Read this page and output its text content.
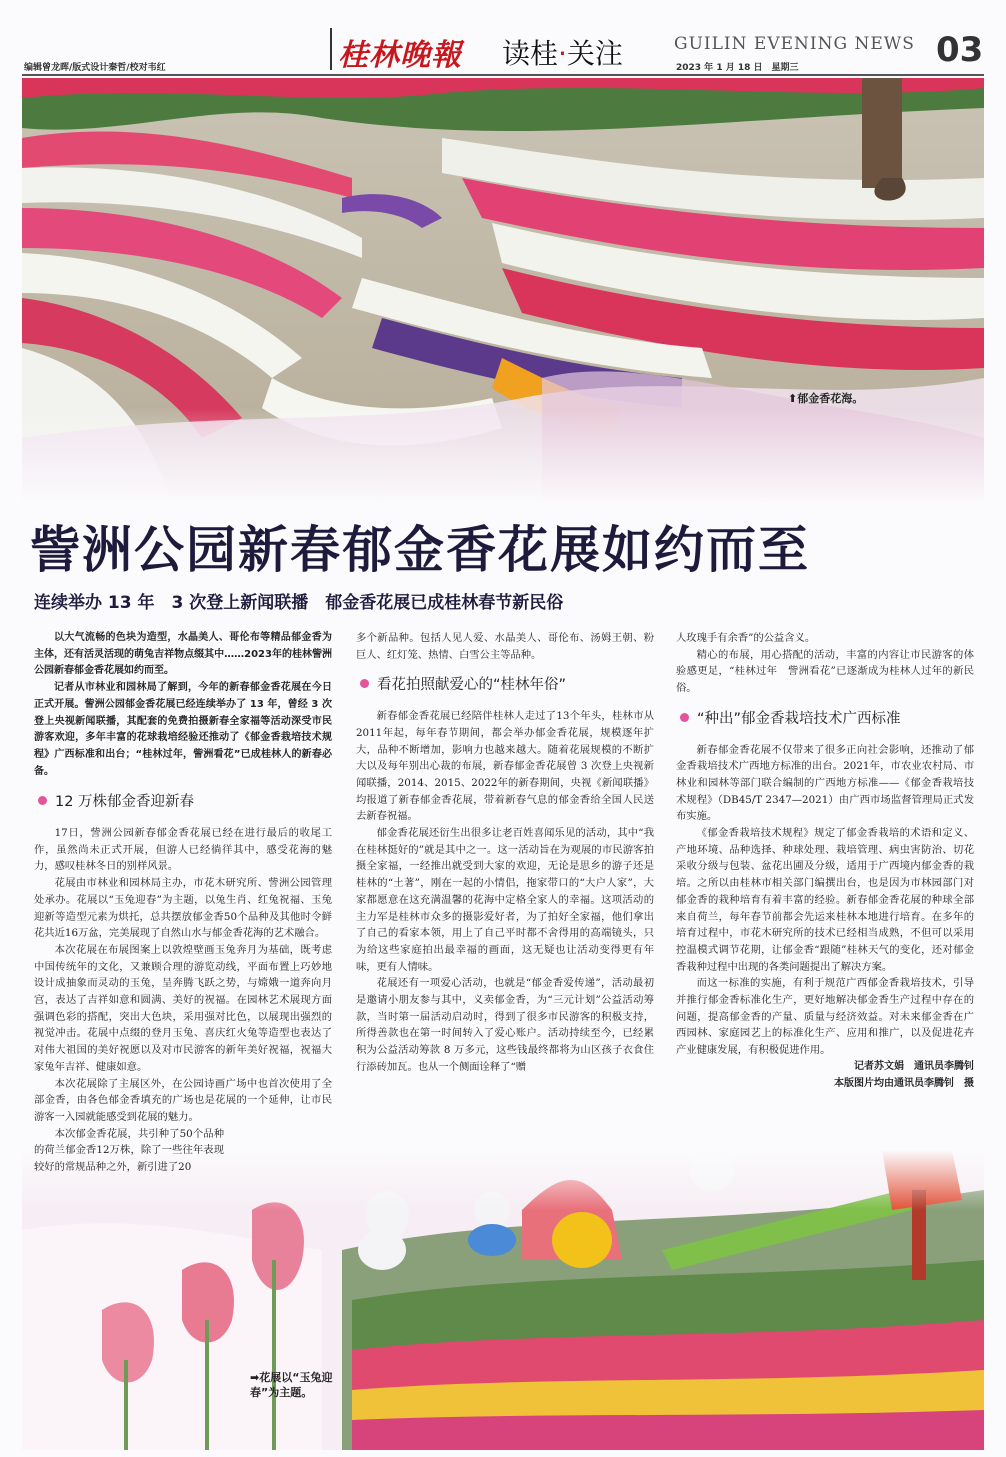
编辑曾龙晖/版式设计秦哲/校对韦红	桂林晚報 读桂·关注	GUILIN EVENING NEWS
2023 年 1 月 18 日　星期三	03
⬆郁金香花海。
訾洲公园新春郁金香花展如约而至
连续举办 13 年　3 次登上新闻联播　郁金香花展已成桂林春节新民俗
➡花展以“玉兔迎春”为主题。

以大气流畅的色块为造型，水晶美人、哥伦布等精品郁金香为主体，还有活灵活现的萌兔吉祥物点缀其中……2023年的桂林訾洲公园新春郁金香花展如约而至。

记者从市林业和园林局了解到，今年的新春郁金香花展在今日正式开展。訾洲公园郁金香花展已经连续举办了 13 年，曾经 3 次登上央视新闻联播，其配套的免费拍摄新春全家福等活动深受市民游客欢迎，多年丰富的花球栽培经验还推动了《郁金香栽培技术规程》广西标准和出台；“桂林过年，訾洲看花”已成桂林人的新春必备。

12 万株郁金香迎新春

17日，訾洲公园新春郁金香花展已经在进行最后的收尾工作，虽然尚未正式开展，但游人已经徜徉其中，感受花海的魅力，感叹桂林冬日的别样风景。

花展由市林业和园林局主办，市花木研究所、訾洲公园管理处承办。花展以“玉兔迎春”为主题，以兔生肖、红兔祝福、玉兔迎新等造型元素为烘托，总共摆放郁金香50个品种及其他时令鲜花共近16万盆，完美展现了自然山水与郁金香花海的艺术融合。

本次花展在布展图案上以敦煌壁画玉兔奔月为基础，既考虑中国传统年的文化，又兼顾合理的游览动线，平面布置上巧妙地设计成抽象而灵动的玉兔，呈奔腾飞跃之势，与嫦娥一道奔向月宫，表达了吉祥如意和圆满、美好的祝福。在园林艺术展现方面强调色彩的搭配，突出大色块，采用强对比色，以展现出强烈的视觉冲击。花展中点缀的登月玉兔、喜庆红火兔等造型也表达了对伟大祖国的美好祝愿以及对市民游客的新年美好祝福，祝福大家兔年吉祥、健康如意。

本次花展除了主展区外，在公园诗画广场中也首次使用了全部金香，由各色郁金香填充的广场也是花展的一个延伸，让市民游客一入园就能感受到花展的魅力。

本次郁金香花展，共引种了50个品种的荷兰郁金香12万株，除了一些往年表现较好的常规品种之外，新引进了20

多个新品种。包括人见人爱、水晶美人、哥伦布、汤姆王朝、粉巨人、红灯笼、热情、白雪公主等品种。

看花拍照献爱心的“桂林年俗”

新春郁金香花展已经陪伴桂林人走过了13个年头，桂林市从2011年起，每年春节期间，都会举办郁金香花展，规模逐年扩大，品种不断增加，影响力也越来越大。随着花展规模的不断扩大以及每年别出心裁的布展，新春郁金香花展曾 3 次登上央视新闻联播，2014、2015、2022年的新春期间，央视《新闻联播》均报道了新春郁金香花展，带着新春气息的郁金香给全国人民送去新春祝福。

郁金香花展还衍生出很多让老百姓喜闻乐见的活动，其中“我在桂林挺好的”就是其中之一。这一活动旨在为观展的市民游客拍摄全家福，一经推出就受到大家的欢迎，无论是思乡的游子还是桂林的“土著”，刚在一起的小情侣，拖家带口的“大户人家”，大家都愿意在这充满温馨的花海中定格全家人的幸福。这项活动的主力军是桂林市众多的摄影爱好者，为了拍好全家福，他们拿出了自己的看家本领，用上了自己平时都不舍得用的高端镜头，只为给这些家庭拍出最幸福的画面，这无疑也让活动变得更有年味，更有人情味。

花展还有一项爱心活动，也就是“郁金香爱传递”，活动最初是邀请小朋友参与其中，义卖郁金香，为“三元计划”公益活动筹款，当时第一届活动启动时，得到了很多市民游客的积极支持，所得善款也在第一时间转入了爱心账户。活动持续至今，已经累积为公益活动筹款 8 万多元，这些钱最终都将为山区孩子衣食住行添砖加瓦。也从一个侧面诠释了“赠

人玫瑰手有余香”的公益含义。

精心的布展，用心搭配的活动，丰富的内容让市民游客的体验感更足，“桂林过年　訾洲看花”已逐渐成为桂林人过年的新民俗。

“种出”郁金香栽培技术广西标准

新春郁金香花展不仅带来了很多正向社会影响，还推动了郁金香栽培技术广西地方标准的出台。2021年，市农业农村局、市林业和园林等部门联合编制的广西地方标准——《郁金香栽培技术规程》（DB45/T 2347—2021）由广西市场监督管理局正式发布实施。

《郁金香栽培技术规程》规定了郁金香栽培的术语和定义、产地环境、品种选择、种球处理、栽培管理、病虫害防治、切花采收分级与包装、盆花出圃及分级，适用于广西境内郁金香的栽培。之所以由桂林市相关部门编撰出台，也是因为市林园部门对郁金香的栽种培育有着丰富的经验。新春郁金香花展的种球全部来自荷兰，每年春节前都会先运来桂林本地进行培育。在多年的培育过程中，市花木研究所的技术已经相当成熟，不但可以采用控温模式调节花期，让郁金香“跟随”桂林天气的变化，还对郁金香栽种过程中出现的各类问题提出了解决方案。

而这一标准的实施，有利于规范广西郁金香栽培技术，引导并推行郁金香标准化生产，更好地解决郁金香生产过程中存在的问题，提高郁金香的产量、质量与经济效益。对未来郁金香在广西园林、家庭园艺上的标准化生产、应用和推广，以及促进花卉产业健康发展，有积极促进作用。

记者苏文娟　通讯员李腾钊

本版图片均由通讯员李腾钊　摄
